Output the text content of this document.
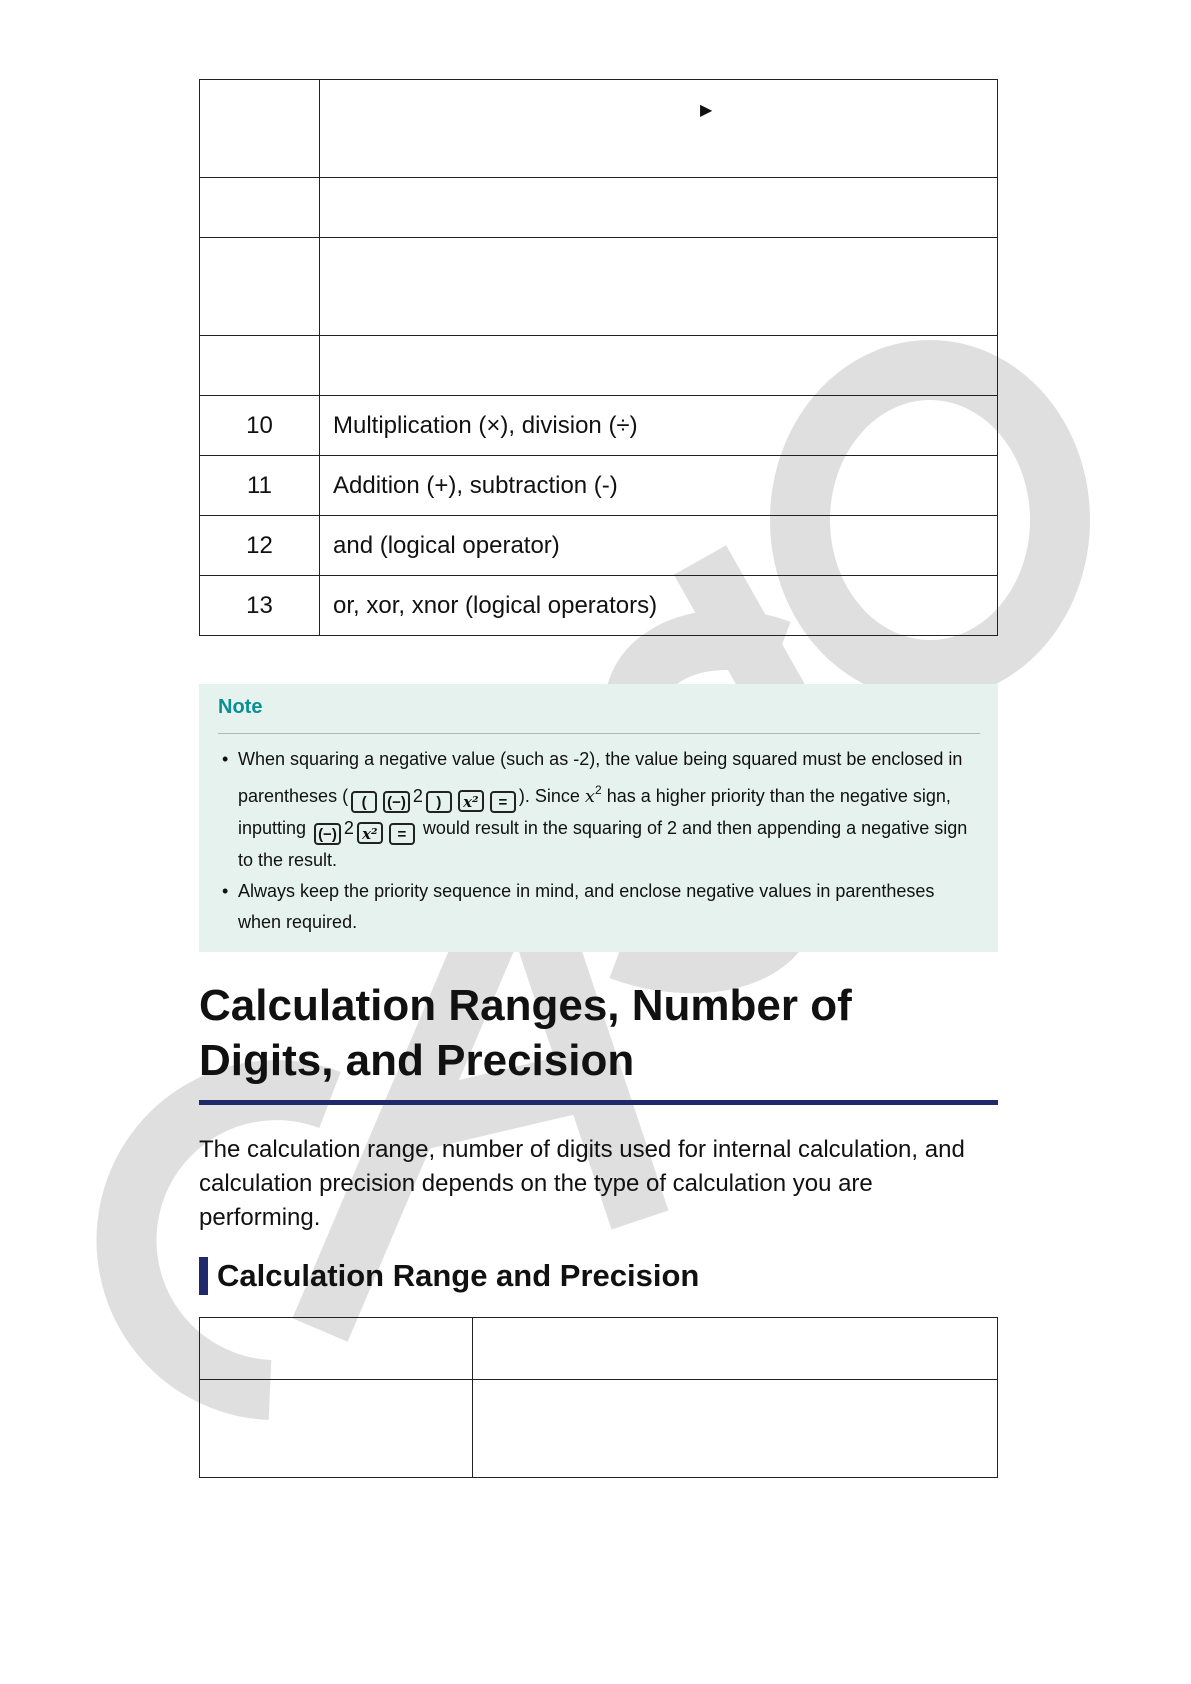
	▶

10	Multiplication (×), division (÷)
11	Addition (+), subtraction (-)
12	and (logical operator)
13	or, xor, xnor (logical operators)
Note
• When squaring a negative value (such as -2), the value being squared must be enclosed in parentheses ( ( (−) 2 ) x² = ). Since $x^2$ has a higher priority than the negative sign, inputting (−) 2 x² = would result in the squaring of 2 and then appending a negative sign to the result.
• Always keep the priority sequence in mind, and enclose negative values in parentheses when required.
Calculation Ranges, Number of Digits, and Precision

The calculation range, number of digits used for internal calculation, and calculation precision depends on the type of calculation you are performing.

Calculation Range and Precision
